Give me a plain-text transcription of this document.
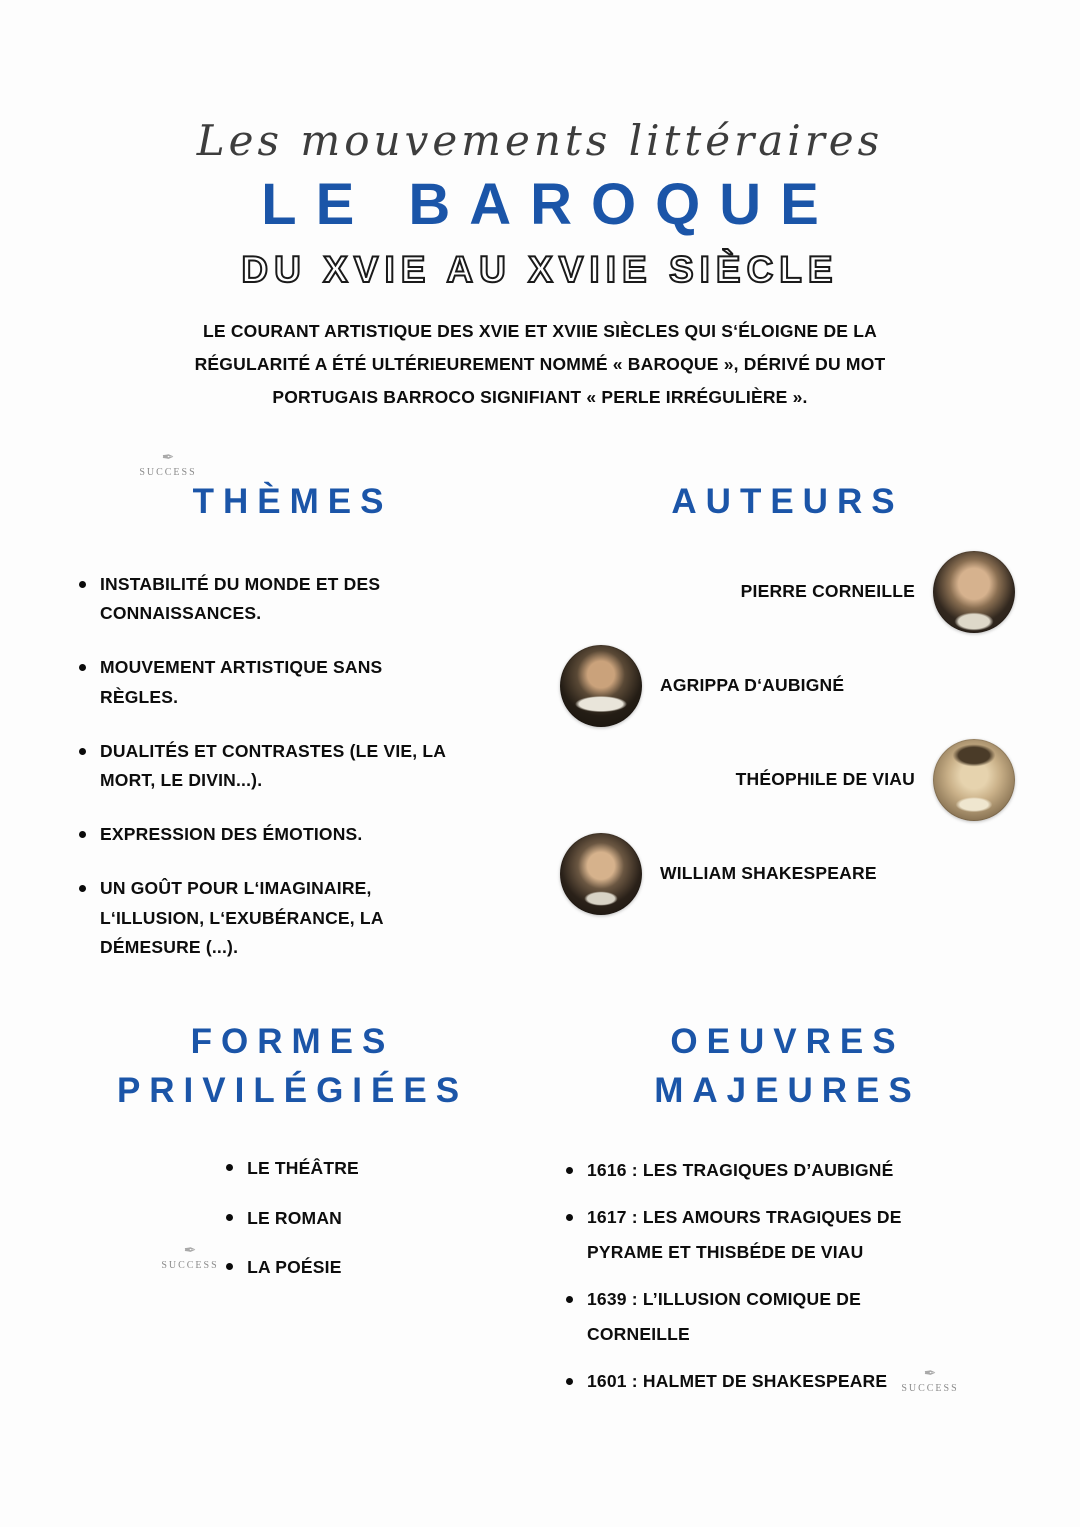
Les mouvements littéraires
LE BAROQUE
DU XVIE AU XVIIE SIÈCLE

LE COURANT ARTISTIQUE DES XVIE ET XVIIE SIÈCLES QUI S‘ÉLOIGNE DE LA RÉGULARITÉ A ÉTÉ ULTÉRIEUREMENT NOMMÉ « BAROQUE », DÉRIVÉ DU MOT PORTUGAIS BARROCO SIGNIFIANT « PERLE IRRÉGULIÈRE ».

THÈMES
INSTABILITÉ DU MONDE ET DES CONNAISSANCES.
MOUVEMENT ARTISTIQUE SANS RÈGLES.
DUALITÉS ET CONTRASTES (LE VIE, LA MORT, LE DIVIN...).
EXPRESSION DES ÉMOTIONS.
UN GOÛT POUR L‘IMAGINAIRE, L‘ILLUSION, L‘EXUBÉRANCE, LA DÉMESURE (...).
AUTEURS
PIERRE CORNEILLE
AGRIPPA D‘AUBIGNÉ
THÉOPHILE DE VIAU
WILLIAM SHAKESPEARE
FORMES
PRIVILÉGIÉES
LE THÉÂTRE
LE ROMAN
LA POÉSIE
OEUVRES
MAJEURES
1616 : LES TRAGIQUES D’AUBIGNÉ
1617 : LES AMOURS TRAGIQUES DE PYRAME ET THISBÉDE DE VIAU
1639 : L’ILLUSION COMIQUE DE CORNEILLE
1601 : HALMET DE SHAKESPEARE
✒
SUCCESS
✒
SUCCESS
✒
SUCCESS
